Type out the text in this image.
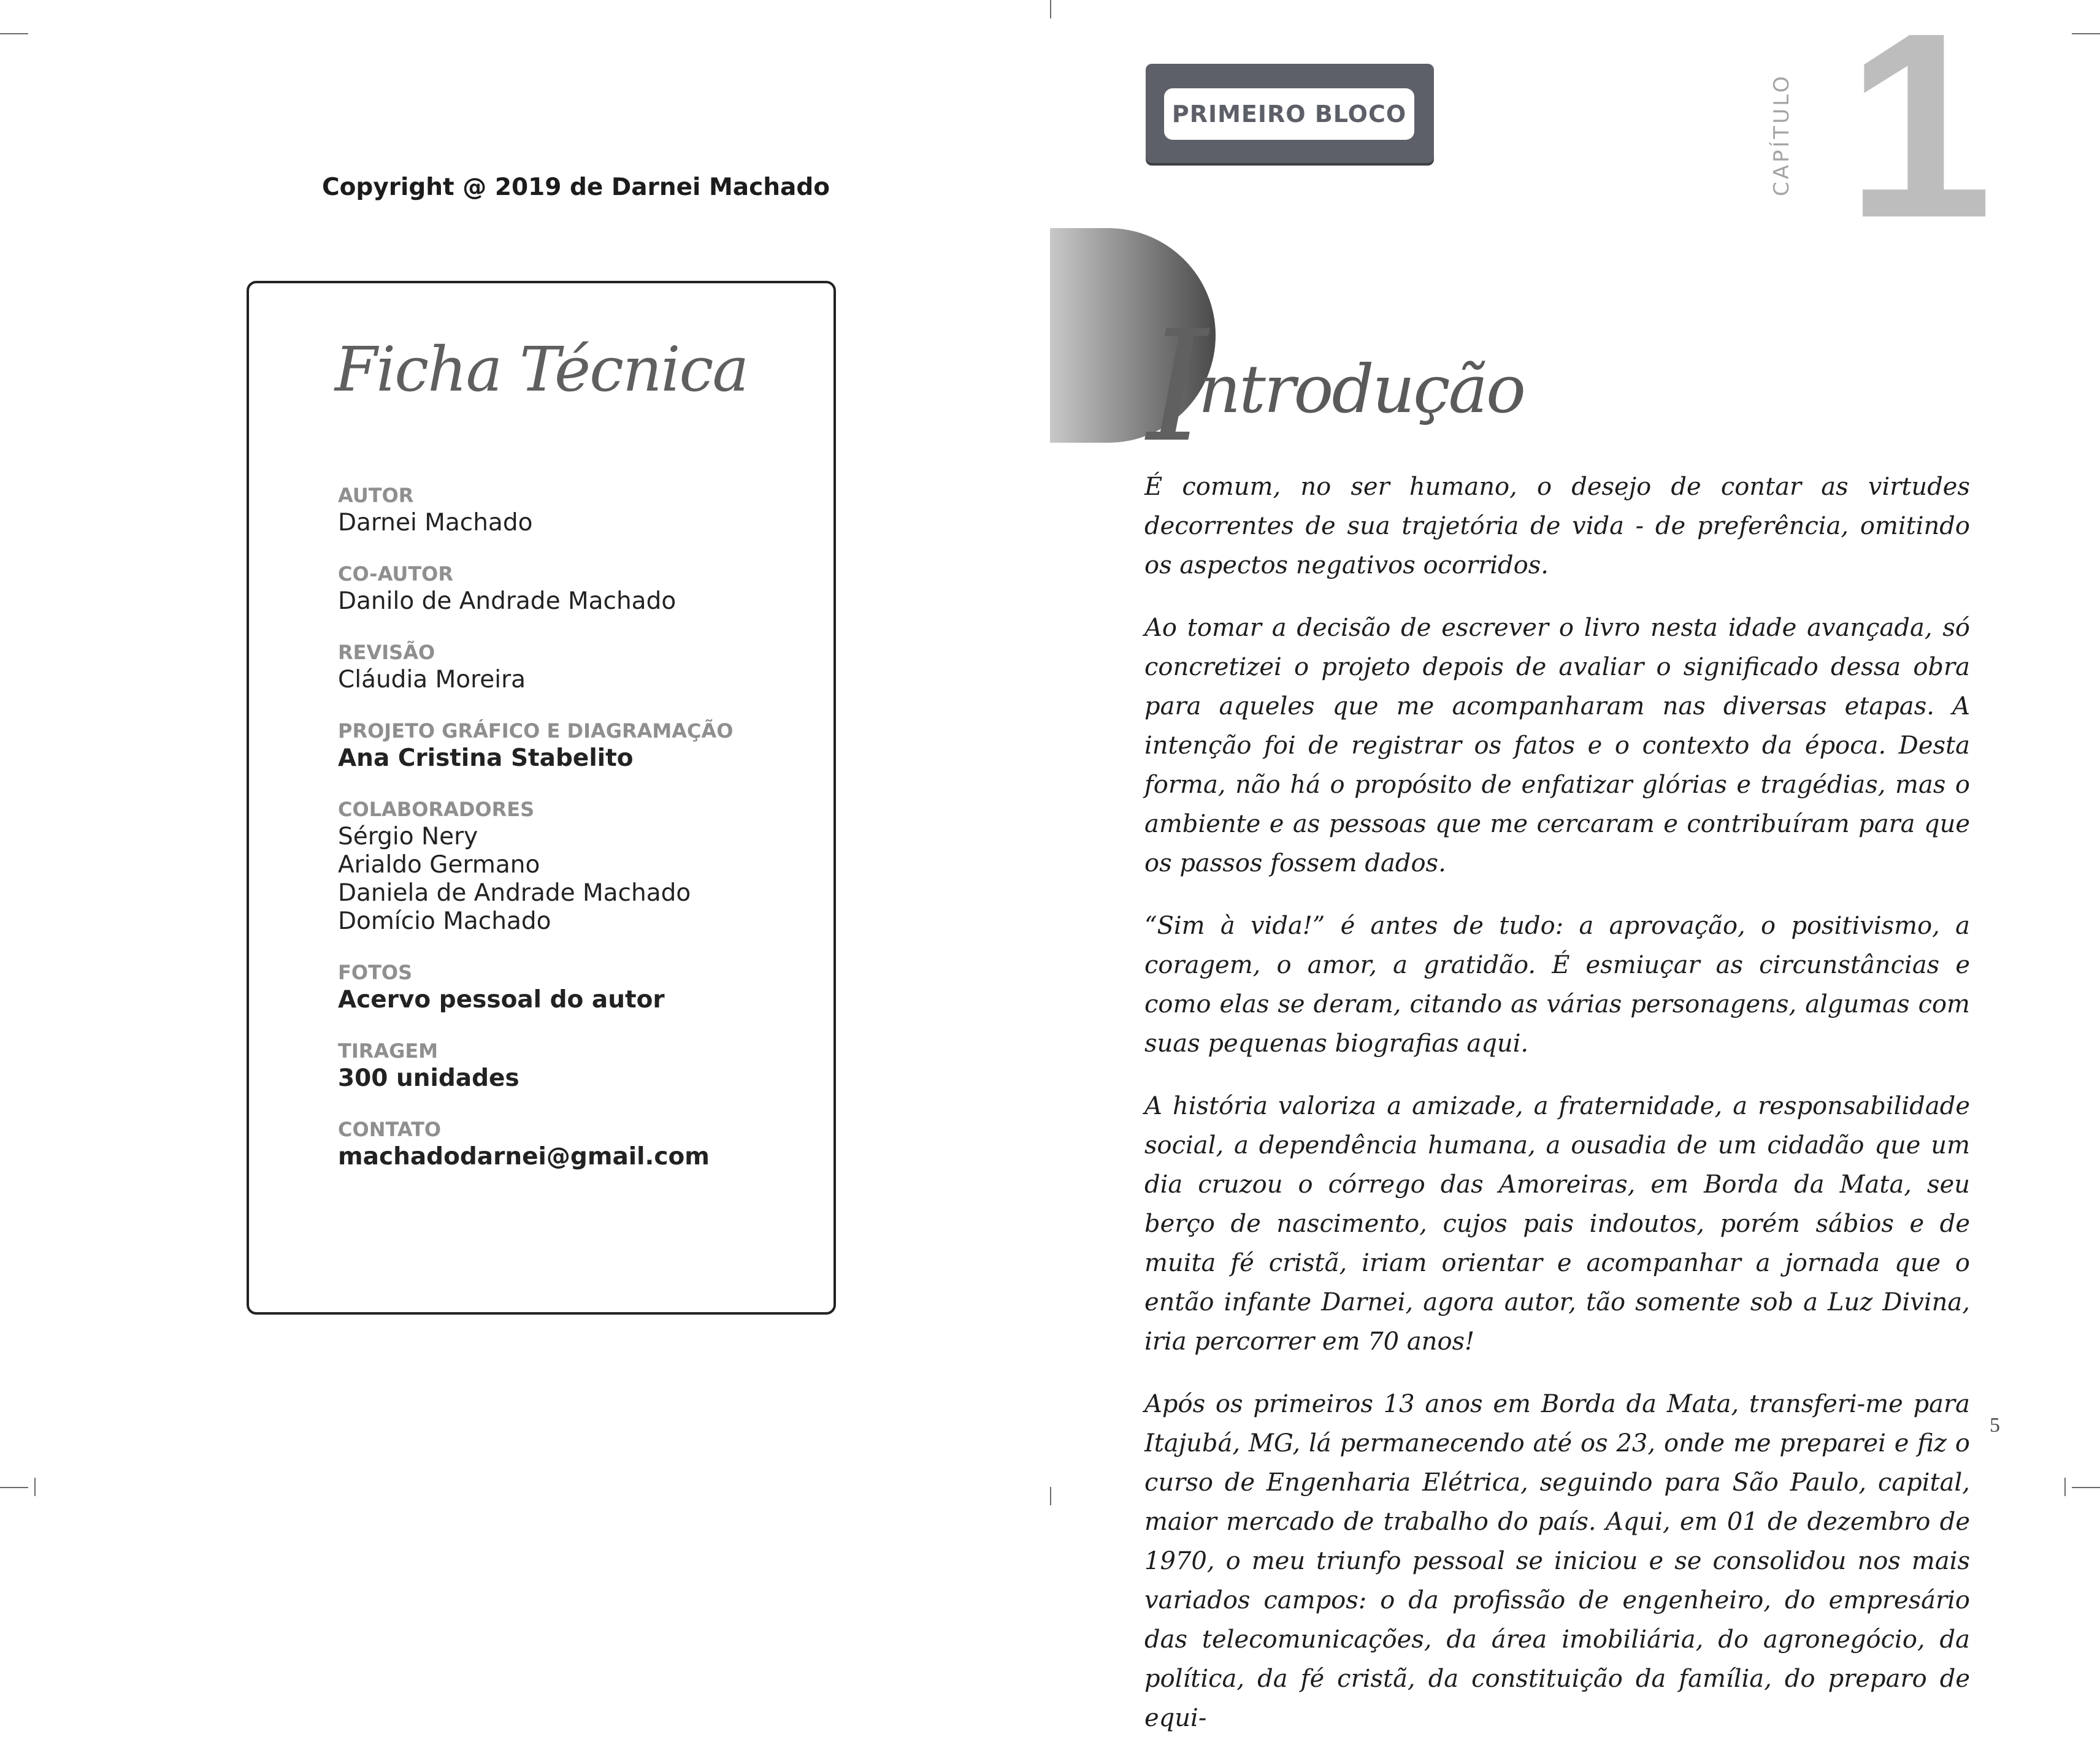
Copyright @ 2019 de Darnei Machado
Ficha Técnica
AUTOR
Darnei Machado
CO-AUTOR
Danilo de Andrade Machado
REVISÃO
Cláudia Moreira
PROJETO GRÁFICO E DIAGRAMAÇÃO
Ana Cristina Stabelito
COLABORADORES
Sérgio Nery
Arialdo Germano
Daniela de Andrade Machado
Domício Machado
FOTOS
Acervo pessoal do autor
TIRAGEM
300 unidades
CONTATO
machadodarnei@gmail.com
PRIMEIRO BLOCO	CAPÍTULO 1
Introdução

É comum, no ser humano, o desejo de contar as virtudes decorrentes de sua trajetória de vida - de preferência, omitindo os aspectos negativos ocorridos.

Ao tomar a decisão de escrever o livro nesta idade avançada, só concretizei o projeto depois de avaliar o significado dessa obra para aqueles que me acompanharam nas diversas etapas. A intenção foi de registrar os fatos e o contexto da época. Desta forma, não há o propósito de enfatizar glórias e tragédias, mas o ambiente e as pessoas que me cercaram e contribuíram para que os passos fossem dados.

“Sim à vida!” é antes de tudo: a aprovação, o positivismo, a coragem, o amor, a gratidão. É esmiuçar as circunstâncias e como elas se deram, citando as várias personagens, algumas com suas pequenas biografias aqui.

A história valoriza a amizade, a fraternidade, a responsabilidade social, a dependência humana, a ousadia de um cidadão que um dia cruzou o córrego das Amoreiras, em Borda da Mata, seu berço de nascimento, cujos pais indoutos, porém sábios e de muita fé cristã, iriam orientar e acompanhar a jornada que o então infante Darnei, agora autor, tão somente sob a Luz Divina, iria percorrer em 70 anos!

Após os primeiros 13 anos em Borda da Mata, transferi-me para Itajubá, MG, lá permanecendo até os 23, onde me preparei e fiz o curso de Engenharia Elétrica, seguindo para São Paulo, capital, maior mercado de trabalho do país. Aqui, em 01 de dezembro de 1970, o meu triunfo pessoal se iniciou e se consolidou nos mais variados campos: o da profissão de engenheiro, do empresário das telecomunicações, da área imobiliária, do agronegócio, da política, da fé cristã, da constituição da família, do preparo de equi-

5
